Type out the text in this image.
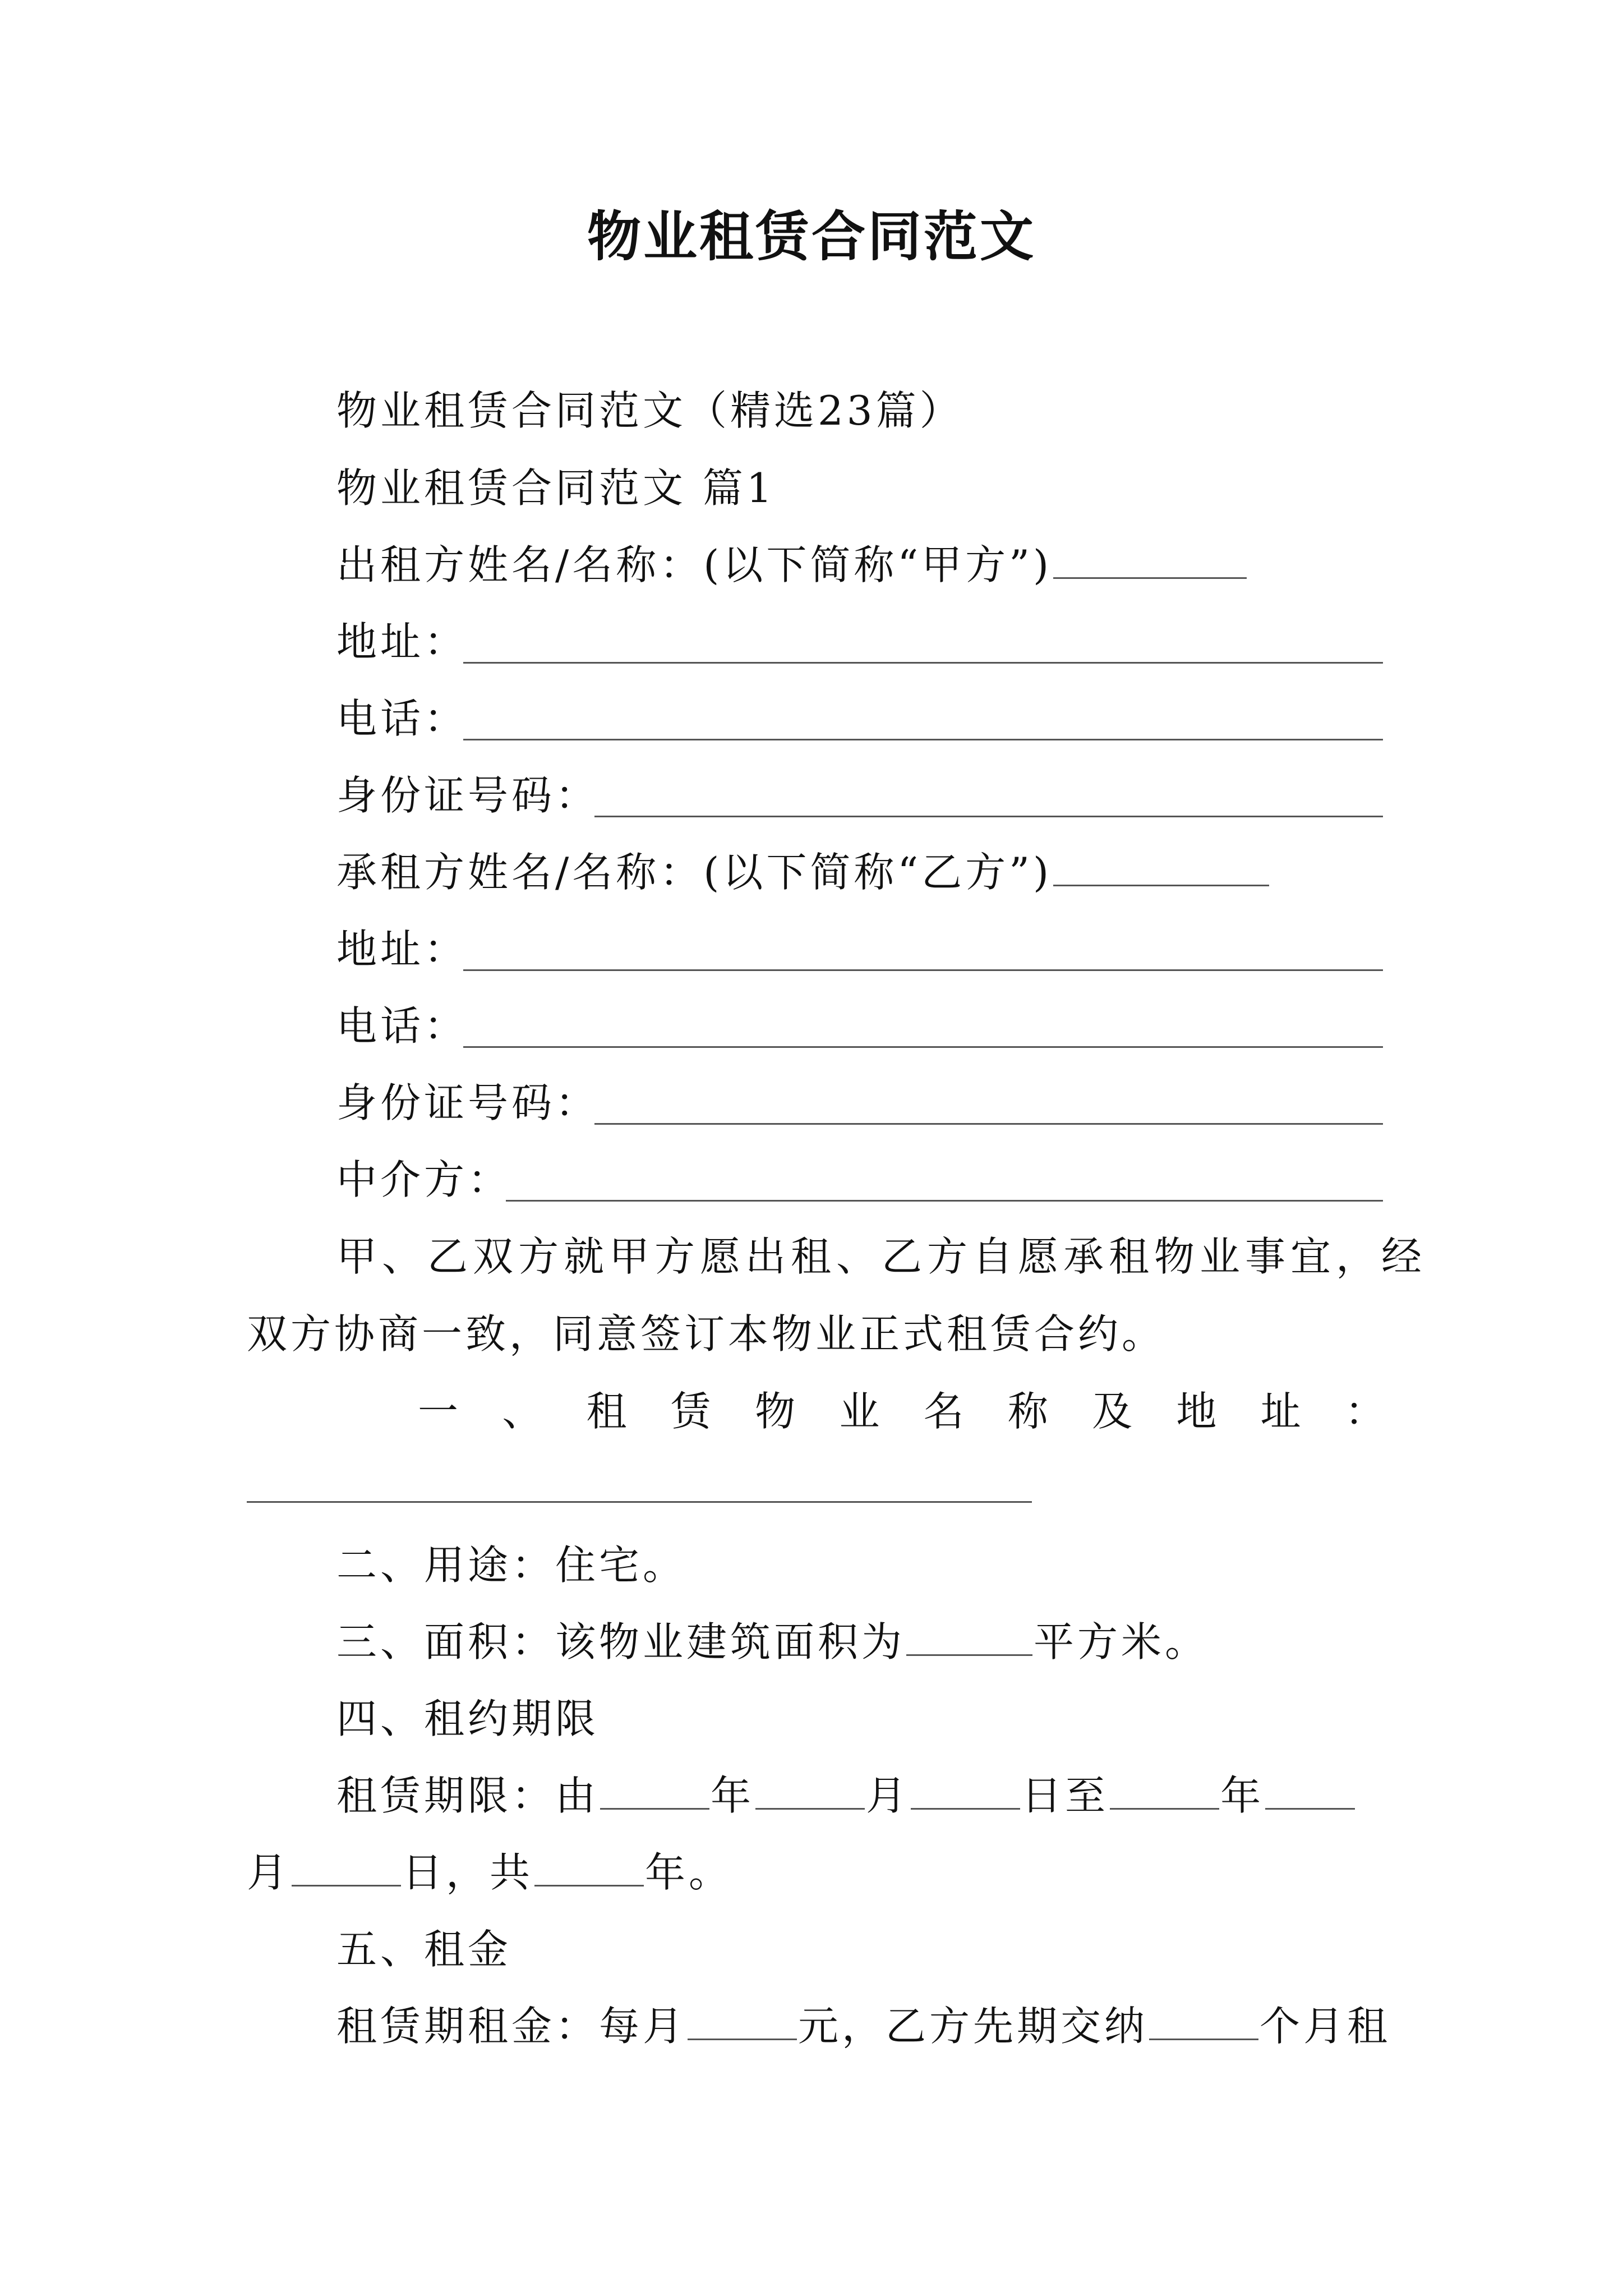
物业租赁合同范文
物业租赁合同范文（精选23篇）
物业租赁合同范文 篇1
出租方姓名/名称：(以下简称“甲方”)
地址：
电话：
身份证号码：
承租方姓名/名称：(以下简称“乙方”)
地址：
电话：
身份证号码：
中介方：
甲、乙双方就甲方愿出租、乙方自愿承租物业事宜，经
双方协商一致，同意签订本物业正式租赁合约。
一 、 租 赁 物 业 名 称 及 地 址 ：
二、用途：住宅。
三、面积：该物业建筑面积为	平方米。
四、租约期限
租赁期限：由	年	月	日至	年
月	日，共	年。
五、租金
租赁期租金：每月	元，乙方先期交纳	个月租
